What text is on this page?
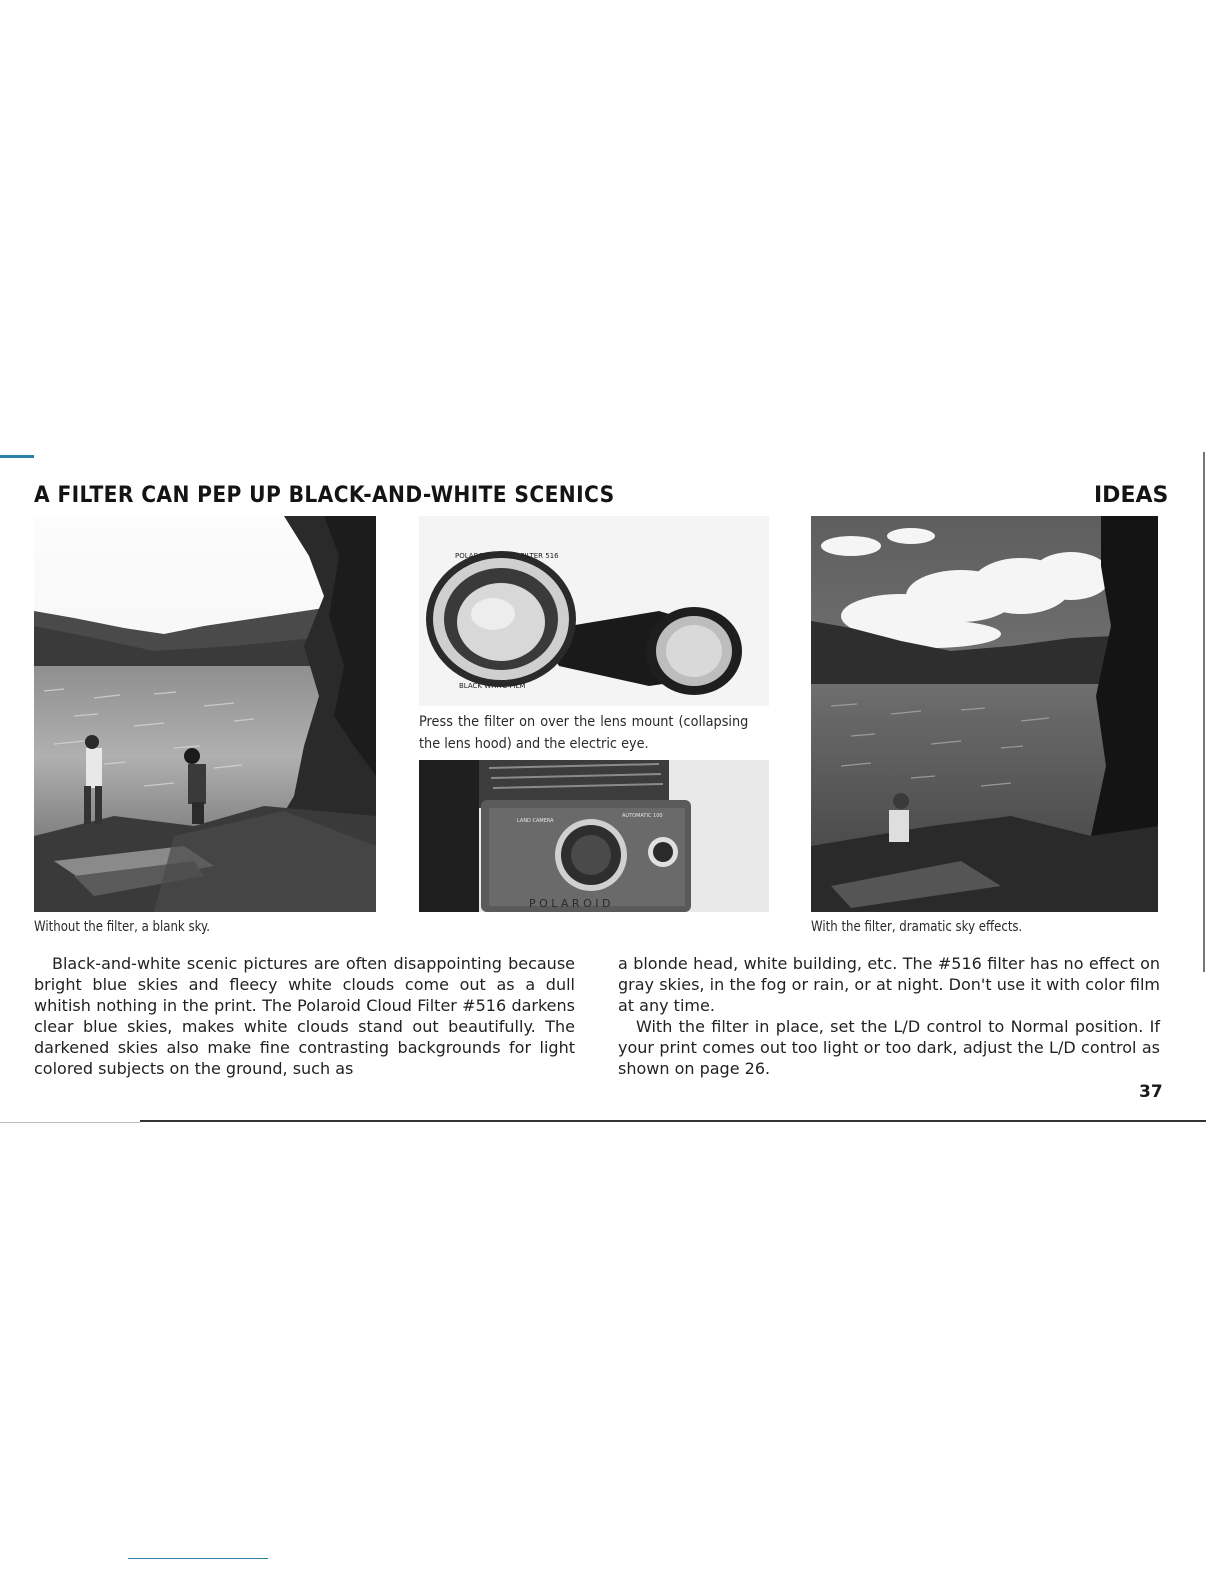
A FILTER CAN PEP UP BLACK-AND-WHITE SCENICS	IDEAS
Without the filter, a blank sky.
POLAROID CLOUD FILTER 516
BLACK WHITE FILM
Press the filter on over the lens mount (collapsing the lens hood) and the electric eye.
LAND CAMERA
AUTOMATIC 100
P O L A R O I D
With the filter, dramatic sky effects.

Black-and-white scenic pictures are often disappointing because bright blue skies and fleecy white clouds come out as a dull whitish nothing in the print. The Polaroid Cloud Filter #516 darkens clear blue skies, makes white clouds stand out beautifully. The darkened skies also make fine contrasting backgrounds for light colored subjects on the ground, such as

a blonde head, white building, etc. The #516 filter has no effect on gray skies, in the fog or rain, or at night. Don't use it with color film at any time.

With the filter in place, set the L/D control to Normal position. If your print comes out too light or too dark, adjust the L/D control as shown on page 26.

37
